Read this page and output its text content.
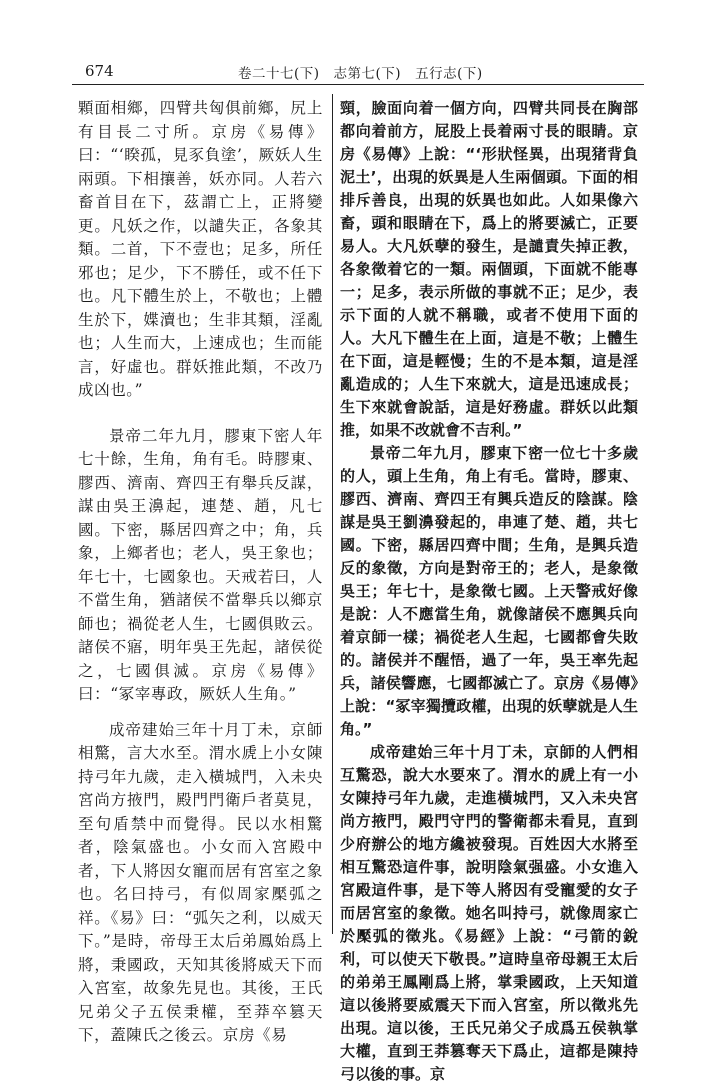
674	卷二十七(下)　志第七(下)　五行志(下)

顆面相鄉，四臂共匈俱前鄉，尻上有目長二寸所。京房《易傳》曰：“‘睽孤，見豕負塗’，厥妖人生兩頭。下相攘善，妖亦同。人若六畜首目在下，茲謂亡上，正將變更。凡妖之作，以譴失正，各象其類。二首，下不壹也；足多，所任邪也；足少，下不勝任，或不任下也。凡下體生於上，不敬也；上體生於下，媟瀆也；生非其類，淫亂也；人生而大，上速成也；生而能言，好虛也。群妖推此類，不改乃成凶也。”

景帝二年九月，膠東下密人年七十餘，生角，角有毛。時膠東、膠西、濟南、齊四王有舉兵反謀，謀由吳王濞起，連楚、趙，凡七國。下密，縣居四齊之中；角，兵象，上鄉者也；老人，吳王象也；年七十，七國象也。天戒若曰，人不當生角，猶諸侯不當舉兵以鄉京師也；禍從老人生，七國俱敗云。諸侯不寤，明年吳王先起，諸侯從之，七國俱滅。京房《易傳》曰：“冢宰專政，厥妖人生角。”

成帝建始三年十月丁未，京師相驚，言大水至。渭水虒上小女陳持弓年九歲，走入橫城門，入未央宮尚方掖門，殿門門衛戶者莫見，至句盾禁中而覺得。民以水相驚者，陰氣盛也。小女而入宮殿中者，下人將因女寵而居有宮室之象也。名曰持弓，有似周家檿弧之祥。《易》曰：“弧矢之利，以威天下。”是時，帝母王太后弟鳳始爲上將，秉國政，天知其後將威天下而入宮室，故象先見也。其後，王氏兄弟父子五侯秉權，至莽卒篡天下，蓋陳氏之後云。京房《易

頸，臉面向着一個方向，四臂共同長在胸部都向着前方，屁股上長着兩寸長的眼睛。京房《易傳》上說：“‘形狀怪異，出現猪背負泥土’，出現的妖異是人生兩個頭。下面的相排斥善良，出現的妖異也如此。人如果像六畜，頭和眼睛在下，爲上的將要滅亡，正要易人。大凡妖孽的發生，是譴責失掉正教，各象徵着它的一類。兩個頭，下面就不能專一；足多，表示所做的事就不正；足少，表示下面的人就不稱職，或者不使用下面的人。大凡下體生在上面，這是不敬；上體生在下面，這是輕慢；生的不是本類，這是淫亂造成的；人生下來就大，這是迅速成長；生下來就會說話，這是好務虛。群妖以此類推，如果不改就會不吉利。”

景帝二年九月，膠東下密一位七十多歲的人，頭上生角，角上有毛。當時，膠東、膠西、濟南、齊四王有興兵造反的陰謀。陰謀是吳王劉濞發起的，串連了楚、趙，共七國。下密，縣居四齊中間；生角，是興兵造反的象徵，方向是對帝王的；老人，是象徵吳王；年七十，是象徵七國。上天警戒好像是說：人不應當生角，就像諸侯不應興兵向着京師一樣；禍從老人生起，七國都會失敗的。諸侯并不醒悟，過了一年，吳王率先起兵，諸侯響應，七國都滅亡了。京房《易傳》上說：“冢宰獨攬政權，出現的妖孽就是人生角。”

成帝建始三年十月丁未，京師的人們相互驚恐，說大水要來了。渭水的虒上有一小女陳持弓年九歲，走進橫城門，又入未央宮尚方掖門，殿門守門的警衛都未看見，直到少府辦公的地方纔被發現。百姓因大水將至相互驚恐這件事，說明陰氣强盛。小女進入宮殿這件事，是下等人將因有受寵愛的女子而居宮室的象徵。她名叫持弓，就像周家亡於檿弧的徵兆。《易經》上說：“弓箭的銳利，可以使天下敬畏。”這時皇帝母親王太后的弟弟王鳳剛爲上將，掌秉國政，上天知道這以後將要威震天下而入宮室，所以徵兆先出現。這以後，王氏兄弟父子成爲五侯執掌大權，直到王莽篡奪天下爲止，這都是陳持弓以後的事。京
